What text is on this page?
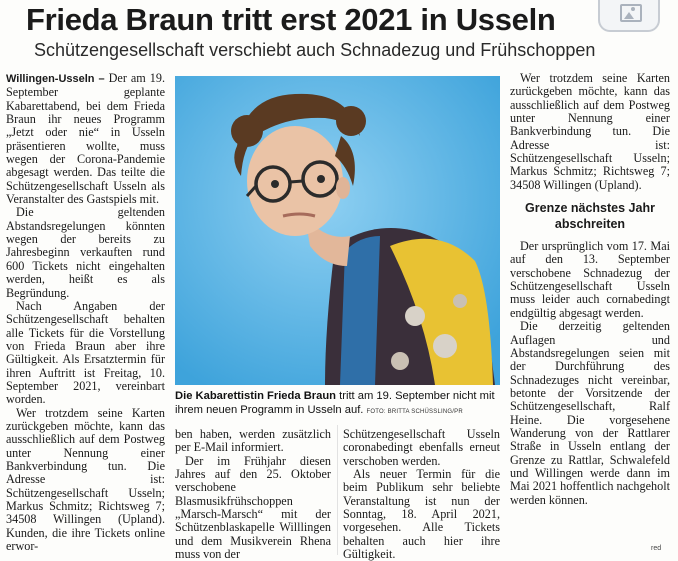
Frieda Braun tritt erst 2021 in Usseln
Schützengesellschaft verschiebt auch Schnadezug und Frühschoppen

Willingen-Usseln – Der am 19. September geplante Kabarettabend, bei dem Frieda Braun ihr neues Programm „Jetzt oder nie“ in Usseln präsentieren wollte, muss wegen der Corona-Pandemie abgesagt werden. Das teilte die Schützengesellschaft Usseln als Veranstalter des Gastspiels mit.

Die geltenden Abstandsregelungen könnten wegen der bereits zu Jahresbeginn verkauften rund 600 Tickets nicht eingehalten werden, heißt es als Begründung.

Nach Angaben der Schützengesellschaft behalten alle Tickets für die Vorstellung von Frieda Braun aber ihre Gültigkeit. Als Ersatztermin für ihren Auftritt ist Freitag, 10. September 2021, vereinbart worden.

Wer trotzdem seine Karten zurückgeben möchte, kann das ausschließlich auf dem Postweg unter Nennung einer Bankverbindung tun. Die Adresse ist: Schützengesellschaft Usseln; Markus Schmitz; Richtsweg 7; 34508 Willingen (Upland). Kunden, die ihre Tickets online erwor-

Die Kabarettistin Frieda Braun tritt am 19. September nicht mit ihrem neuen Programm in Usseln auf. FOTO: BRITTA SCHÜSSLING/PR

ben haben, werden zusätzlich per E-Mail informiert.

Der im Frühjahr diesen Jahres auf den 25. Oktober verschobene Blasmusikfrühschoppen „Marsch-Marsch“ mit der Schützenblaskapelle Willlingen und dem Musikverein Rhena muss von der

Schützengesellschaft Usseln coronabedingt ebenfalls erneut verschoben werden.

Als neuer Termin für die beim Publikum sehr beliebte Veranstaltung ist nun der Sonntag, 18. April 2021, vorgesehen. Alle Tickets behalten auch hier ihre Gültigkeit.

Wer trotzdem seine Karten zurückgeben möchte, kann das ausschließlich auf dem Postweg unter Nennung einer Bankverbindung tun. Die Adresse ist: Schützengesellschaft Usseln; Markus Schmitz; Richtsweg 7; 34508 Willingen (Upland).

Grenze nächstes Jahr abschreiten

Der ursprünglich vom 17. Mai auf den 13. September verschobene Schnadezug der Schützengesellschaft Usseln muss leider auch cornabedingt endgültig abgesagt werden.

Die derzeitig geltenden Auflagen und Abstandsregelungen seien mit der Durchführung des Schnadezuges nicht vereinbar, betonte der Vorsitzende der Schützengesellschaft, Ralf Heine. Die vorgesehene Wanderung von der Rattlarer Straße in Usseln entlang der Grenze zu Rattlar, Schwalefeld und Willingen werde dann im Mai 2021 hoffentlich nachgeholt werden können.

red
